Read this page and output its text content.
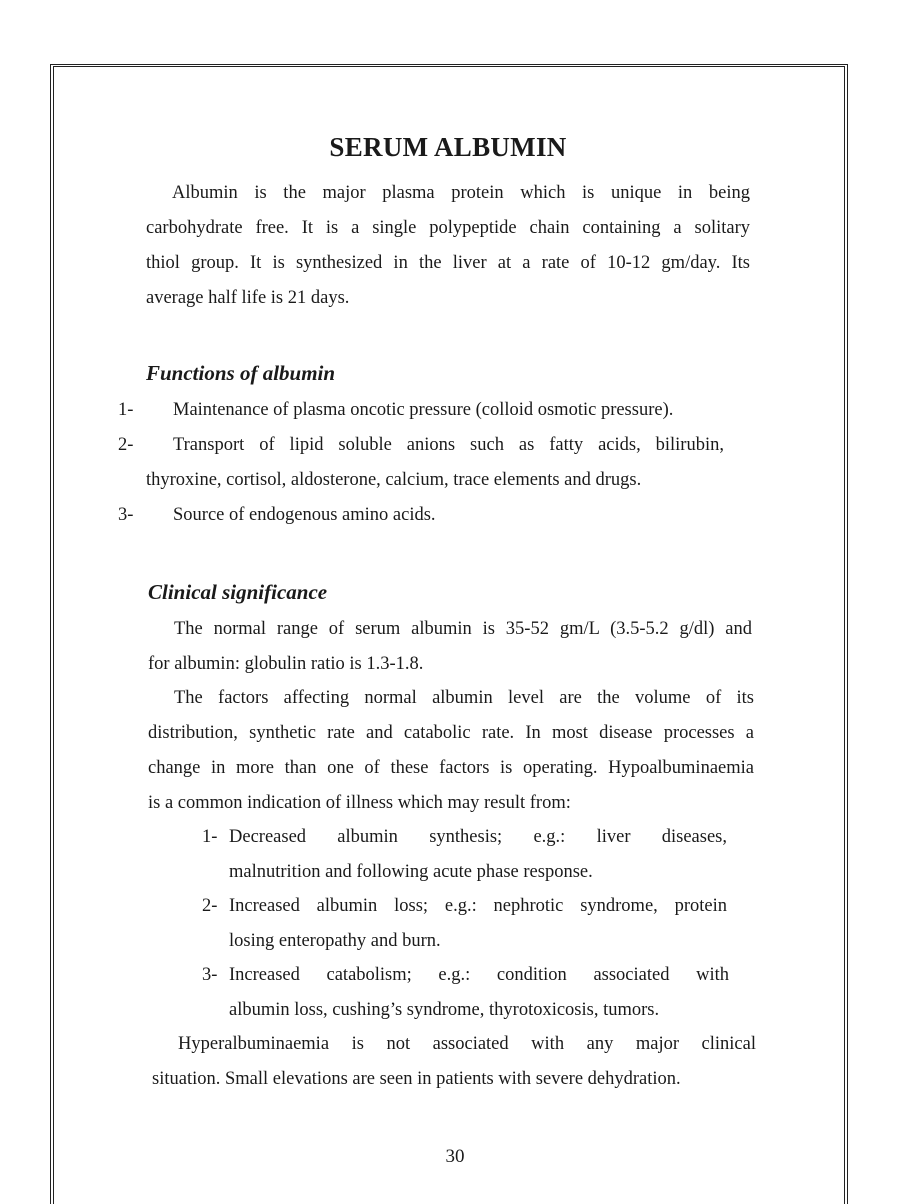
SERUM ALBUMIN
Albumin is the major plasma protein which is unique in being
carbohydrate free. It is a single polypeptide chain containing a solitary
thiol group. It is synthesized in the liver at a rate of 10-12 gm/day. Its
average half life is 21 days.
Functions of albumin
1- Maintenance of plasma oncotic pressure (colloid osmotic pressure).
2-	Transport of lipid soluble anions such as fatty acids, bilirubin,
thyroxine, cortisol, aldosterone, calcium, trace elements and drugs.
3- Source of endogenous amino acids.
Clinical significance
The normal range of serum albumin is 35-52 gm/L (3.5-5.2 g/dl) and
for albumin: globulin ratio is 1.3-1.8.
The factors affecting normal albumin level are the volume of its
distribution, synthetic rate and catabolic rate. In most disease processes a
change in more than one of these factors is operating. Hypoalbuminaemia
is a common indication of illness which may result from:
1- Decreased albumin synthesis; e.g.: liver diseases,
malnutrition and following acute phase response.
2- Increased albumin loss; e.g.: nephrotic syndrome, protein
losing enteropathy and burn.
3- Increased catabolism; e.g.: condition associated with
albumin loss, cushing’s syndrome, thyrotoxicosis, tumors.
Hyperalbuminaemia is not associated with any major clinical
situation. Small elevations are seen in patients with severe dehydration.
30
